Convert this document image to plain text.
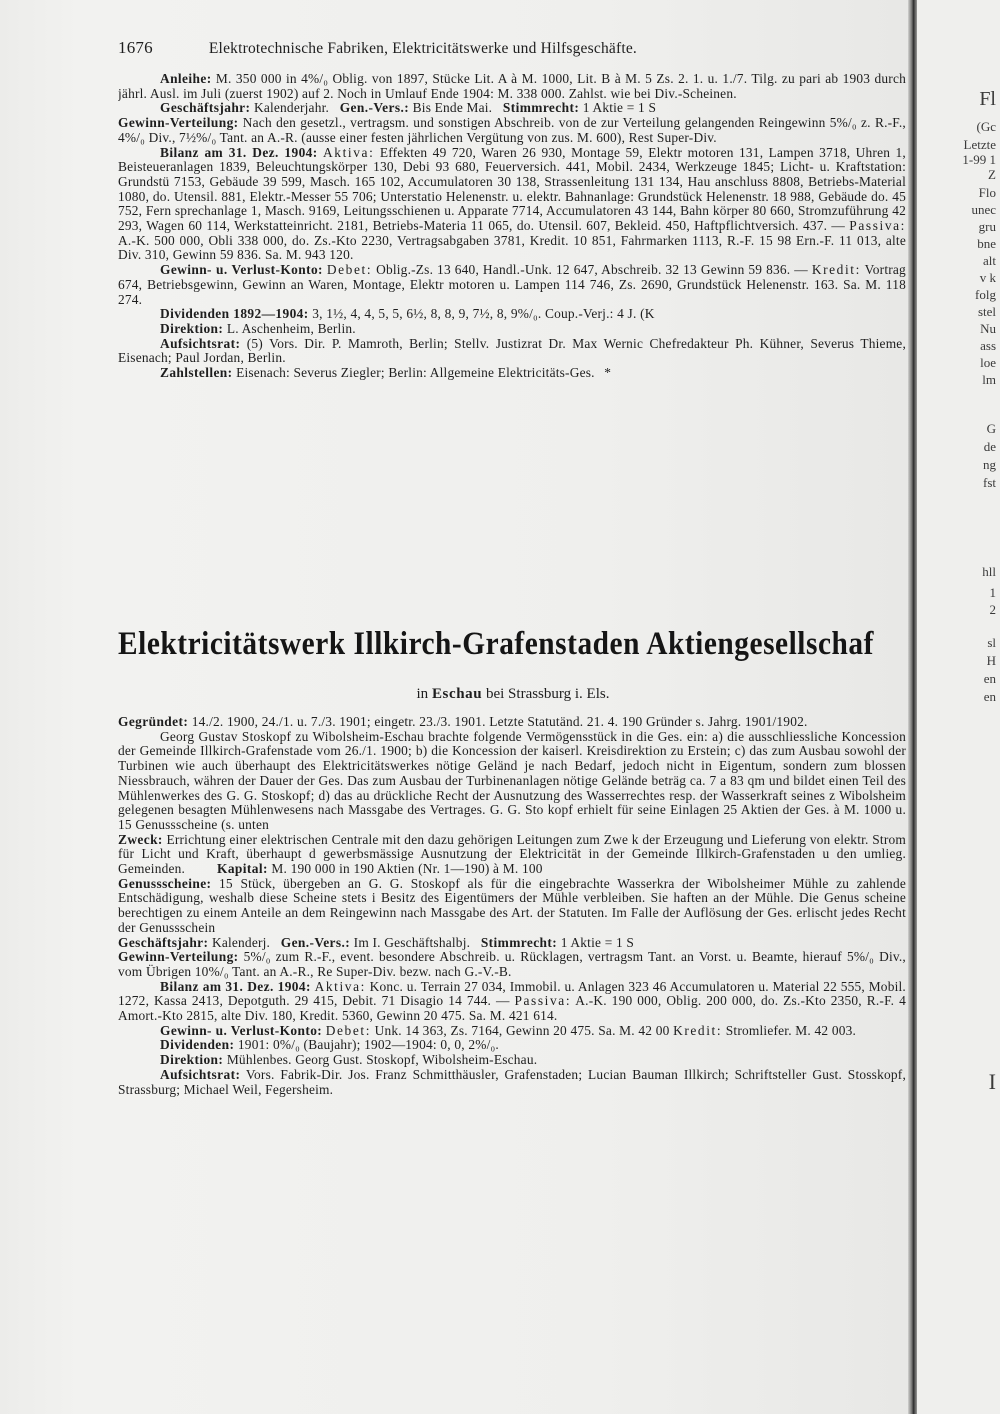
1676	Elektrotechnische Fabriken, Elektricitätswerke und Hilfsgeschäfte.

Anleihe: M. 350 000 in 4%/₀ Oblig. von 1897, Stücke Lit. A à M. 1000, Lit. B à M. 5 Zs. 2. 1. u. 1./7. Tilg. zu pari ab 1903 durch jährl. Ausl. im Juli (zuerst 1902) auf 2. Noch in Umlauf Ende 1904: M. 338 000. Zahlst. wie bei Div.-Scheinen.

Geschäftsjahr: Kalenderjahr. Gen.-Vers.: Bis Ende Mai. Stimmrecht: 1 Aktie = 1 S

Gewinn-Verteilung: Nach den gesetzl., vertragsm. und sonstigen Abschreib. von de zur Verteilung gelangenden Reingewinn 5%/₀ z. R.-F., 4%/₀ Div., 7½%/₀ Tant. an A.-R. (ausse einer festen jährlichen Vergütung von zus. M. 600), Rest Super-Div.

Bilanz am 31. Dez. 1904: Aktiva: Effekten 49 720, Waren 26 930, Montage 59, Elektr motoren 131, Lampen 3718, Uhren 1, Beisteueranlagen 1839, Beleuchtungskörper 130, Debi 93 680, Feuerversich. 441, Mobil. 2434, Werkzeuge 1845; Licht- u. Kraftstation: Grundstü 7153, Gebäude 39 599, Masch. 165 102, Accumulatoren 30 138, Strassenleitung 131 134, Hau anschluss 8808, Betriebs-Material 1080, do. Utensil. 881, Elektr.-Messer 55 706; Unterstatio Helenenstr. u. elektr. Bahnanlage: Grundstück Helenenstr. 18 988, Gebäude do. 45 752, Fern sprechanlage 1, Masch. 9169, Leitungsschienen u. Apparate 7714, Accumulatoren 43 144, Bahn körper 80 660, Stromzuführung 42 293, Wagen 60 114, Werkstatteinricht. 2181, Betriebs-Materia 11 065, do. Utensil. 607, Bekleid. 450, Haftpflichtversich. 437. — Passiva: A.-K. 500 000, Obli 338 000, do. Zs.-Kto 2230, Vertragsabgaben 3781, Kredit. 10 851, Fahrmarken 1113, R.-F. 15 98 Ern.-F. 11 013, alte Div. 310, Gewinn 59 836. Sa. M. 943 120.

Gewinn- u. Verlust-Konto: Debet: Oblig.-Zs. 13 640, Handl.-Unk. 12 647, Abschreib. 32 13 Gewinn 59 836. — Kredit: Vortrag 674, Betriebsgewinn, Gewinn an Waren, Montage, Elektr motoren u. Lampen 114 746, Zs. 2690, Grundstück Helenenstr. 163. Sa. M. 118 274.

Dividenden 1892—1904: 3, 1½, 4, 4, 5, 5, 6½, 8, 8, 9, 7½, 8, 9%/₀. Coup.-Verj.: 4 J. (K

Direktion: L. Aschenheim, Berlin.

Aufsichtsrat: (5) Vors. Dir. P. Mamroth, Berlin; Stellv. Justizrat Dr. Max Wernic Chefredakteur Ph. Kühner, Severus Thieme, Eisenach; Paul Jordan, Berlin.

Zahlstellen: Eisenach: Severus Ziegler; Berlin: Allgemeine Elektricitäts-Ges. *

Elektricitätswerk Illkirch-Grafenstaden Aktiengesellschaf
in Eschau bei Strassburg i. Els.

Gegründet: 14./2. 1900, 24./1. u. 7./3. 1901; eingetr. 23./3. 1901. Letzte Statutänd. 21. 4. 190 Gründer s. Jahrg. 1901/1902.

Georg Gustav Stoskopf zu Wibolsheim-Eschau brachte folgende Vermögensstück in die Ges. ein: a) die ausschliessliche Koncession der Gemeinde Illkirch-Grafenstade vom 26./1. 1900; b) die Koncession der kaiserl. Kreisdirektion zu Erstein; c) das zum Ausbau sowohl der Turbinen wie auch überhaupt des Elektricitätswerkes nötige Geländ je nach Bedarf, jedoch nicht in Eigentum, sondern zum blossen Niessbrauch, währen der Dauer der Ges. Das zum Ausbau der Turbinenanlagen nötige Gelände beträg ca. 7 a 83 qm und bildet einen Teil des Mühlenwerkes des G. G. Stoskopf; d) das au drückliche Recht der Ausnutzung des Wasserrechtes resp. der Wasserkraft seines z Wibolsheim gelegenen besagten Mühlenwesens nach Massgabe des Vertrages. G. G. Sto kopf erhielt für seine Einlagen 25 Aktien der Ges. à M. 1000 u. 15 Genussscheine (s. unten

Zweck: Errichtung einer elektrischen Centrale mit den dazu gehörigen Leitungen zum Zwe k der Erzeugung und Lieferung von elektr. Strom für Licht und Kraft, überhaupt d gewerbsmässige Ausnutzung der Elektricität in der Gemeinde Illkirch-Grafenstaden u den umlieg. Gemeinden. Kapital: M. 190 000 in 190 Aktien (Nr. 1—190) à M. 100

Genussscheine: 15 Stück, übergeben an G. G. Stoskopf als für die eingebrachte Wasserkra der Wibolsheimer Mühle zu zahlende Entschädigung, weshalb diese Scheine stets i Besitz des Eigentümers der Mühle verbleiben. Sie haften an der Mühle. Die Genus scheine berechtigen zu einem Anteile an dem Reingewinn nach Massgabe des Art. der Statuten. Im Falle der Auflösung der Ges. erlischt jedes Recht der Genussschein

Geschäftsjahr: Kalenderj. Gen.-Vers.: Im I. Geschäftshalbj. Stimmrecht: 1 Aktie = 1 S

Gewinn-Verteilung: 5%/₀ zum R.-F., event. besondere Abschreib. u. Rücklagen, vertragsm Tant. an Vorst. u. Beamte, hierauf 5%/₀ Div., vom Übrigen 10%/₀ Tant. an A.-R., Re Super-Div. bezw. nach G.-V.-B.

Bilanz am 31. Dez. 1904: Aktiva: Konc. u. Terrain 27 034, Immobil. u. Anlagen 323 46 Accumulatoren u. Material 22 555, Mobil. 1272, Kassa 2413, Depotguth. 29 415, Debit. 71 Disagio 14 744. — Passiva: A.-K. 190 000, Oblig. 200 000, do. Zs.-Kto 2350, R.-F. 4 Amort.-Kto 2815, alte Div. 180, Kredit. 5360, Gewinn 20 475. Sa. M. 421 614.

Gewinn- u. Verlust-Konto: Debet: Unk. 14 363, Zs. 7164, Gewinn 20 475. Sa. M. 42 00 Kredit: Stromliefer. M. 42 003.

Dividenden: 1901: 0%/₀ (Baujahr); 1902—1904: 0, 0, 2%/₀.

Direktion: Mühlenbes. Georg Gust. Stoskopf, Wibolsheim-Eschau.

Aufsichtsrat: Vors. Fabrik-Dir. Jos. Franz Schmitthäusler, Grafenstaden; Lucian Bauman Illkirch; Schriftsteller Gust. Stosskopf, Strassburg; Michael Weil, Fegersheim.

Fl
(Gc
Letzte
1-99 1
Z
Flo
unec
gru
bne
alt
v k
folg
stel
Nu
ass
loe
lm
G
de
ng
fst
hll
1
2
sl
H
en
en
I
